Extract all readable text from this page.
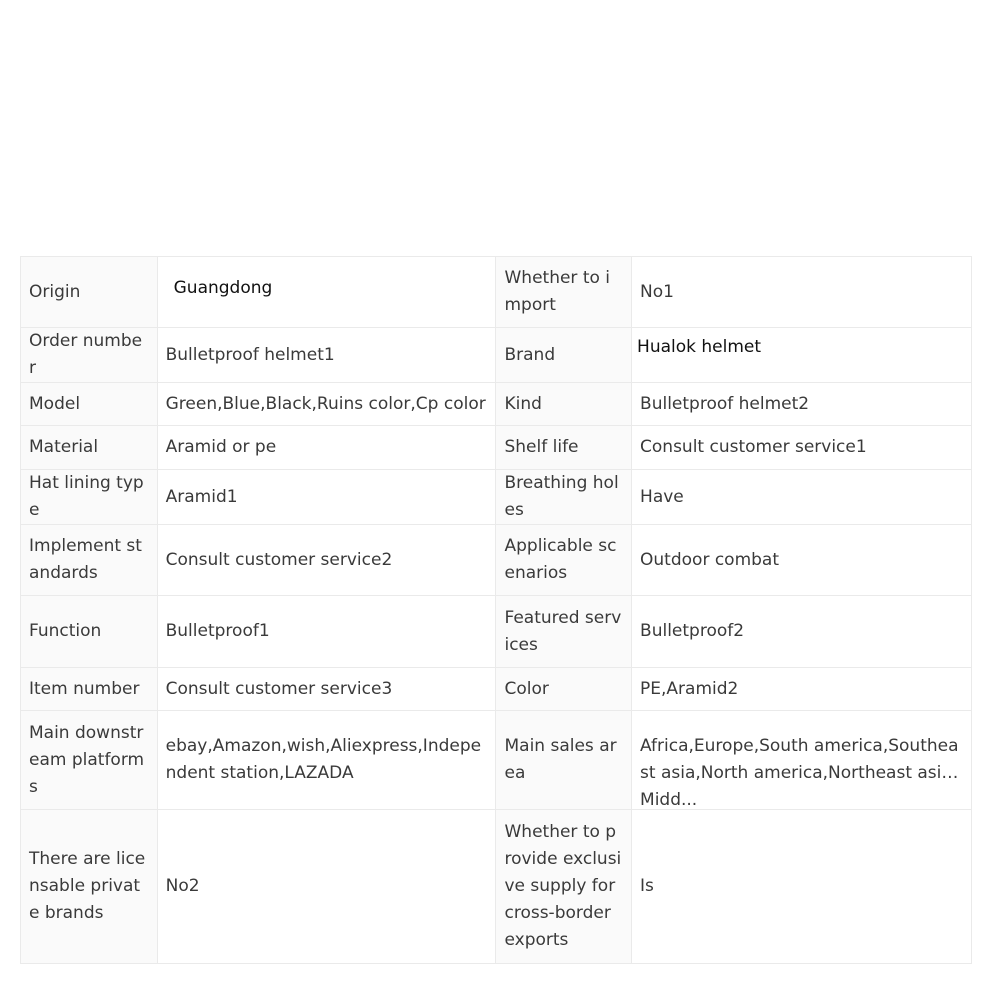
Origin	Guangdong	Whether to import	No1
Order number	Bulletproof helmet1	Brand	Hualok helmet
Model	Green,Blue,Black,Ruins color,Cp color	Kind	Bulletproof helmet2
Material	Aramid or pe	Shelf life	Consult customer service1
Hat lining type	Aramid1	Breathing holes	Have
Implement standards	Consult customer service2	Applicable scenarios	Outdoor combat
Function	Bulletproof1	Featured services	Bulletproof2
Item number	Consult customer service3	Color	PE,Aramid2
Main downstream platforms	ebay,Amazon,wish,Aliexpress,Independent station,LAZADA	Main sales area	Africa,Europe,South america,Southeast asia,North america,Northeast asia,Midd...

There are licensable private brands	No2	Whether to provide exclusive supply for cross-border exports	Is
